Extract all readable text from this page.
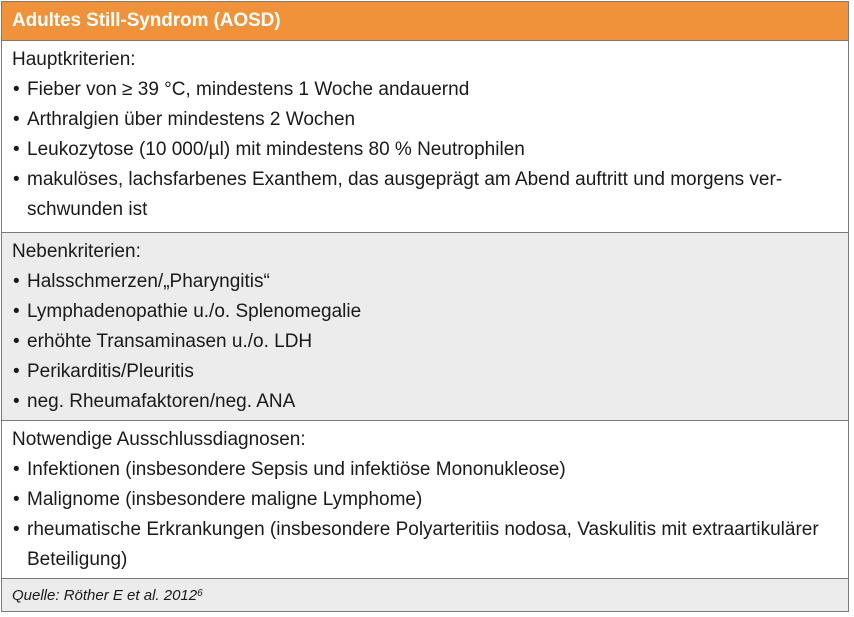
Adultes Still-Syndrom (AOSD)
Hauptkriterien:
• Fieber von ≥ 39 °C, mindestens 1 Woche andauernd
• Arthralgien über mindestens 2 Wochen
• Leukozytose (10 000/µl) mit mindestens 80 % Neutrophilen
• makulöses, lachsfarbenes Exanthem, das ausgeprägt am Abend auftritt und morgens verschwunden ist
Nebenkriterien:
• Halsschmerzen/„Pharyngitis“
• Lymphadenopathie u./o. Splenomegalie
• erhöhte Transaminasen u./o. LDH
• Perikarditis/Pleuritis
• neg. Rheumafaktoren/neg. ANA
Notwendige Ausschlussdiagnosen:
• Infektionen (insbesondere Sepsis und infektiöse Mononukleose)
• Malignome (insbesondere maligne Lymphome)
• rheumatische Erkrankungen (insbesondere Polyarteritiis nodosa, Vaskulitis mit extraartikulärer Beteiligung)
Quelle: Röther E et al. 2012$^6$
